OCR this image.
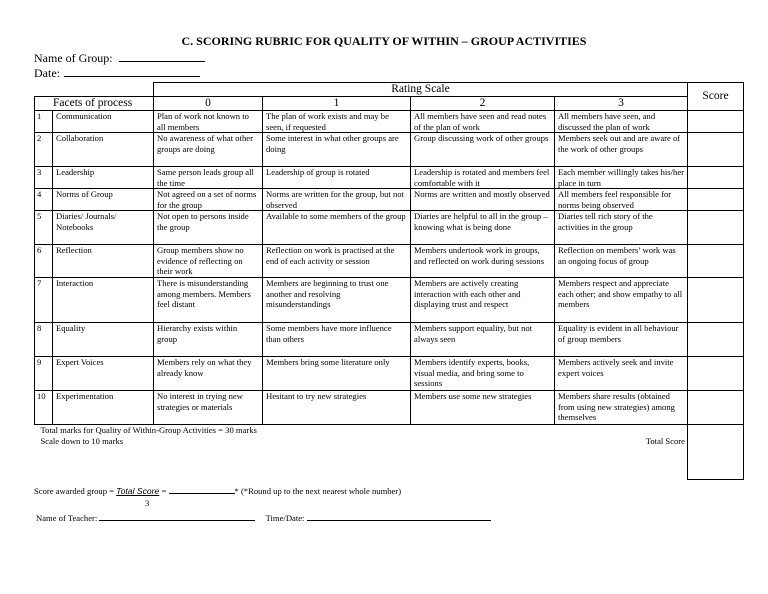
C. SCORING RUBRIC FOR QUALITY OF WITHIN – GROUP ACTIVITIES
Name of Group:
Date:
		Rating Scale				Score
Facets of process		0	1	2	3	
1	Communication	Plan of work not known to all members	The plan of work exists and may be seen, if requested	All members have seen and read notes of the plan of work	All members have seen, and discussed the plan of work	
2	Collaboration	No awareness of what other groups are doing	Some interest in what other groups are doing	Group discussing work of other groups	Members seek out and are aware of the work of other groups	
3	Leadership	Same person leads group all the time	Leadership of group is rotated	Leadership is rotated and members feel comfortable with it	Each member willingly takes his/her place in turn	
4	Norms of Group	Not agreed on a set of norms for the group	Norms are written for the group, but not observed	Norms are written and mostly observed	All members feel responsible for norms being observed	
5	Diaries/ Journals/ Notebooks	Not open to persons inside the group	Available to some members of the group	Diaries are helpful to all in the group – knowing what is being done	Diaries tell rich story of the activities in the group	
6	Reflection	Group members show no evidence of reflecting on their work	Reflection on work is practised at the end of each activity or session	Members undertook work in groups, and reflected on work during sessions	Reflection on members’ work was an ongoing focus of group	
7	Interaction	There is misunderstanding among members. Members feel distant	Members are beginning to trust one another and resolving misunderstandings	Members are actively creating interaction with each other and displaying trust and respect	Members respect and appreciate each other; and show empathy to all members	
8	Equality	Hierarchy exists within group	Some members have more influence than others	Members support equality, but not always seen	Equality is evident in all behaviour of group members	
9	Expert Voices	Members rely on what they already know	Members bring some literature only	Members identify experts, books, visual media, and bring some to sessions	Members actively seek and invite expert voices	
10	Experimentation	No interest in trying new strategies or materials	Hesitant to try new strategies	Members use some new strategies	Members share results (obtained from using new strategies) among themselves	

Total marks for Quality of Within-Group Activities = 30 marks
Scale down to 10 marks Total Score						

Score awarded group = Total Score =	* (*Round up to the next nearest whole number)
3
Name of Teacher:	Time/Date:
